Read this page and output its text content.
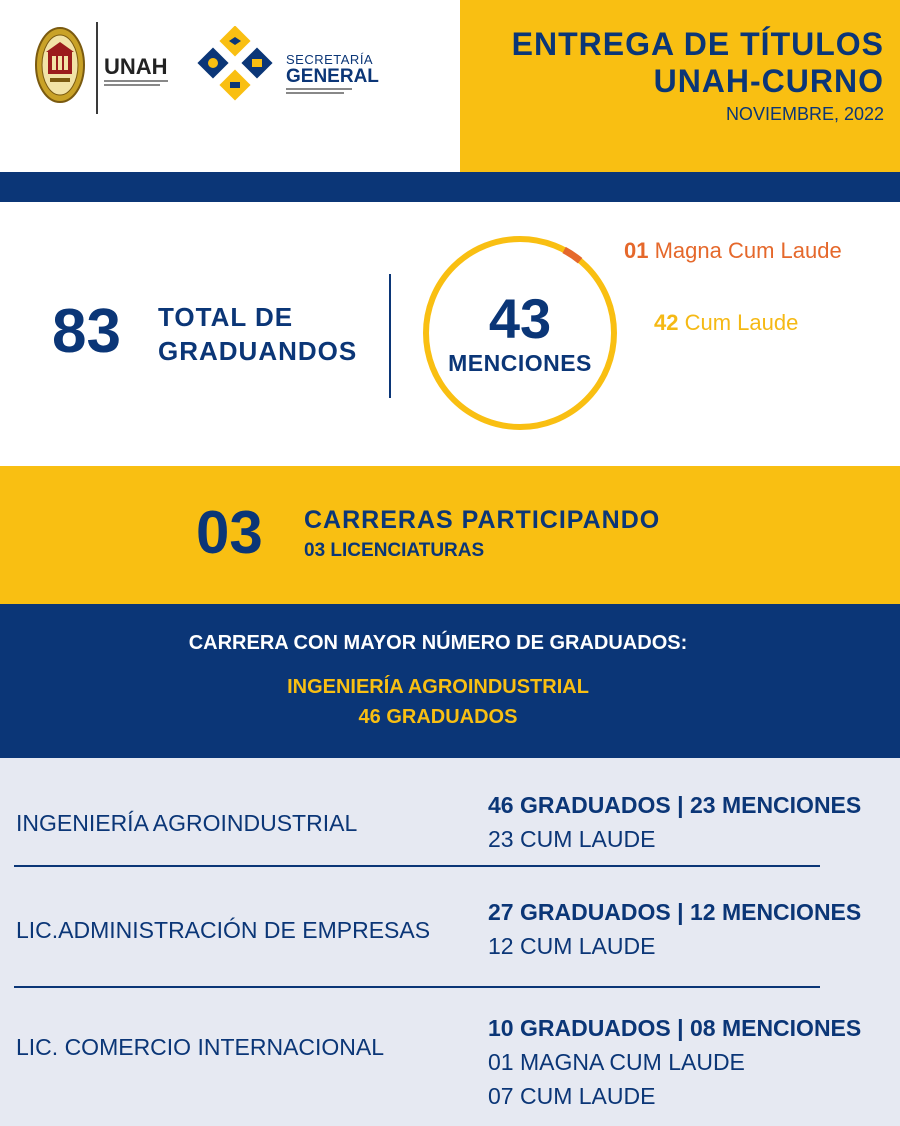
UNAH	SECRETARÍA
GENERAL
ENTREGA DE TÍTULOS
UNAH-CURNO
NOVIEMBRE, 2022
83 TOTAL DE
GRADUANDOS
43
MENCIONES
01 Magna Cum Laude
42 Cum Laude
03 CARRERAS PARTICIPANDO
03 LICENCIATURAS
CARRERA CON MAYOR NÚMERO DE GRADUADOS:
INGENIERÍA AGROINDUSTRIAL
46 GRADUADOS
INGENIERÍA AGROINDUSTRIAL
46 GRADUADOS | 23 MENCIONES
23 CUM LAUDE
LIC.ADMINISTRACIÓN DE EMPRESAS
27 GRADUADOS | 12 MENCIONES
12 CUM LAUDE
LIC. COMERCIO INTERNACIONAL
10 GRADUADOS | 08 MENCIONES
01 MAGNA CUM LAUDE
07 CUM LAUDE
